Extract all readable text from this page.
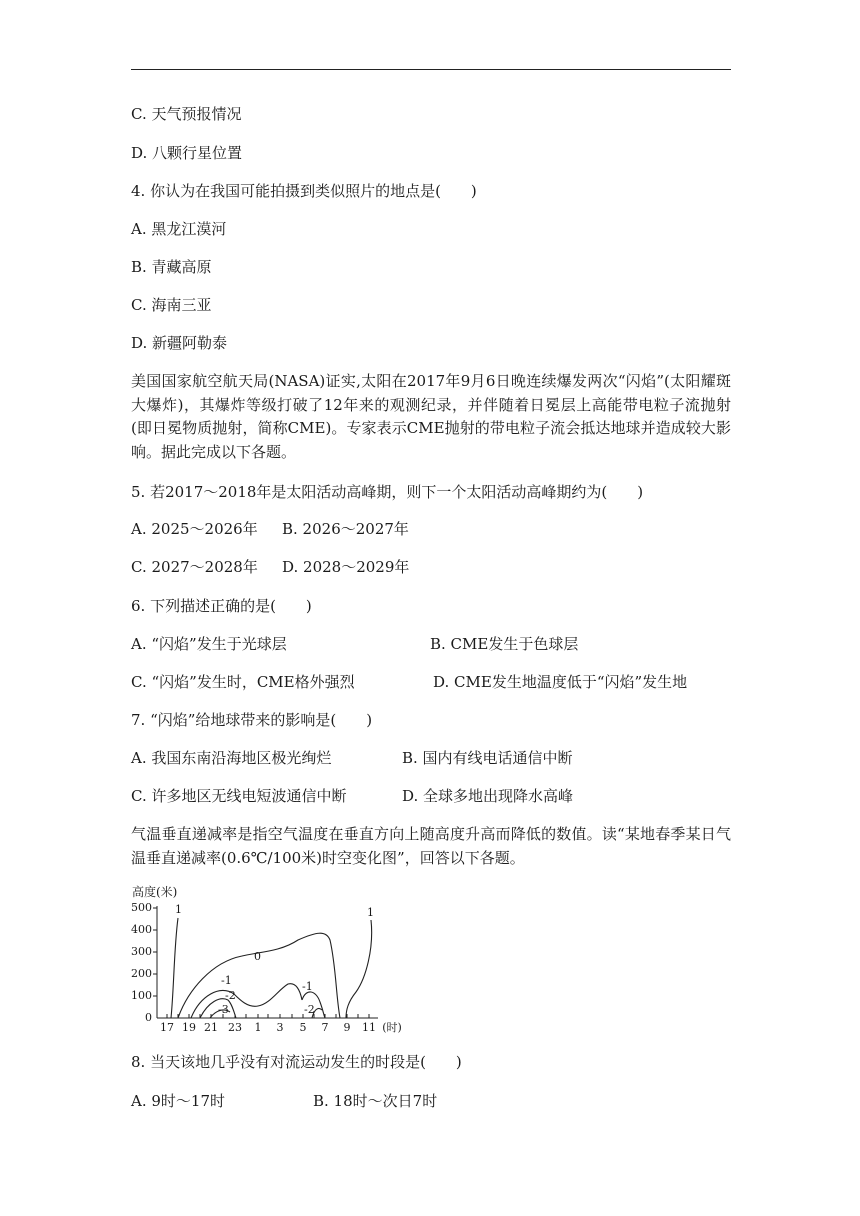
C. 天气预报情况
D. 八颗行星位置
4. 你认为在我国可能拍摄到类似照片的地点是(　　)
A. 黑龙江漠河
B. 青藏高原
C. 海南三亚
D. 新疆阿勒泰
美国国家航空航天局(NASA)证实,太阳在2017年9月6日晚连续爆发两次“闪焰”(太阳耀斑大爆炸)，其爆炸等级打破了12年来的观测纪录，并伴随着日冕层上高能带电粒子流抛射(即日冕物质抛射，简称CME)。专家表示CME抛射的带电粒子流会抵达地球并造成较大影响。据此完成以下各题。
5. 若2017～2018年是太阳活动高峰期，则下一个太阳活动高峰期约为(　　)
A. 2025～2026年 B. 2026～2027年
C. 2027～2028年 D. 2028～2029年
6. 下列描述正确的是(　　)
A. “闪焰”发生于光球层	B. CME发生于色球层
C. “闪焰”发生时，CME格外强烈	D. CME发生地温度低于“闪焰”发生地
7. “闪焰”给地球带来的影响是(　　)
A. 我国东南沿海地区极光绚烂	B. 国内有线电话通信中断
C. 许多地区无线电短波通信中断	D. 全球多地出现降水高峰
气温垂直递减率是指空气温度在垂直方向上随高度升高而降低的数值。读“某地春季某日气温垂直递减率(0.6℃/100米)时空变化图”，回答以下各题。
高度(米)
500
400
300
200
100
0
17 19 21 23 1 3 5 7 9 11 (时)
1	1
0
-1
-2
-3
-1
-2
8. 当天该地几乎没有对流运动发生的时段是(　　)
A. 9时～17时	B. 18时～次日7时
